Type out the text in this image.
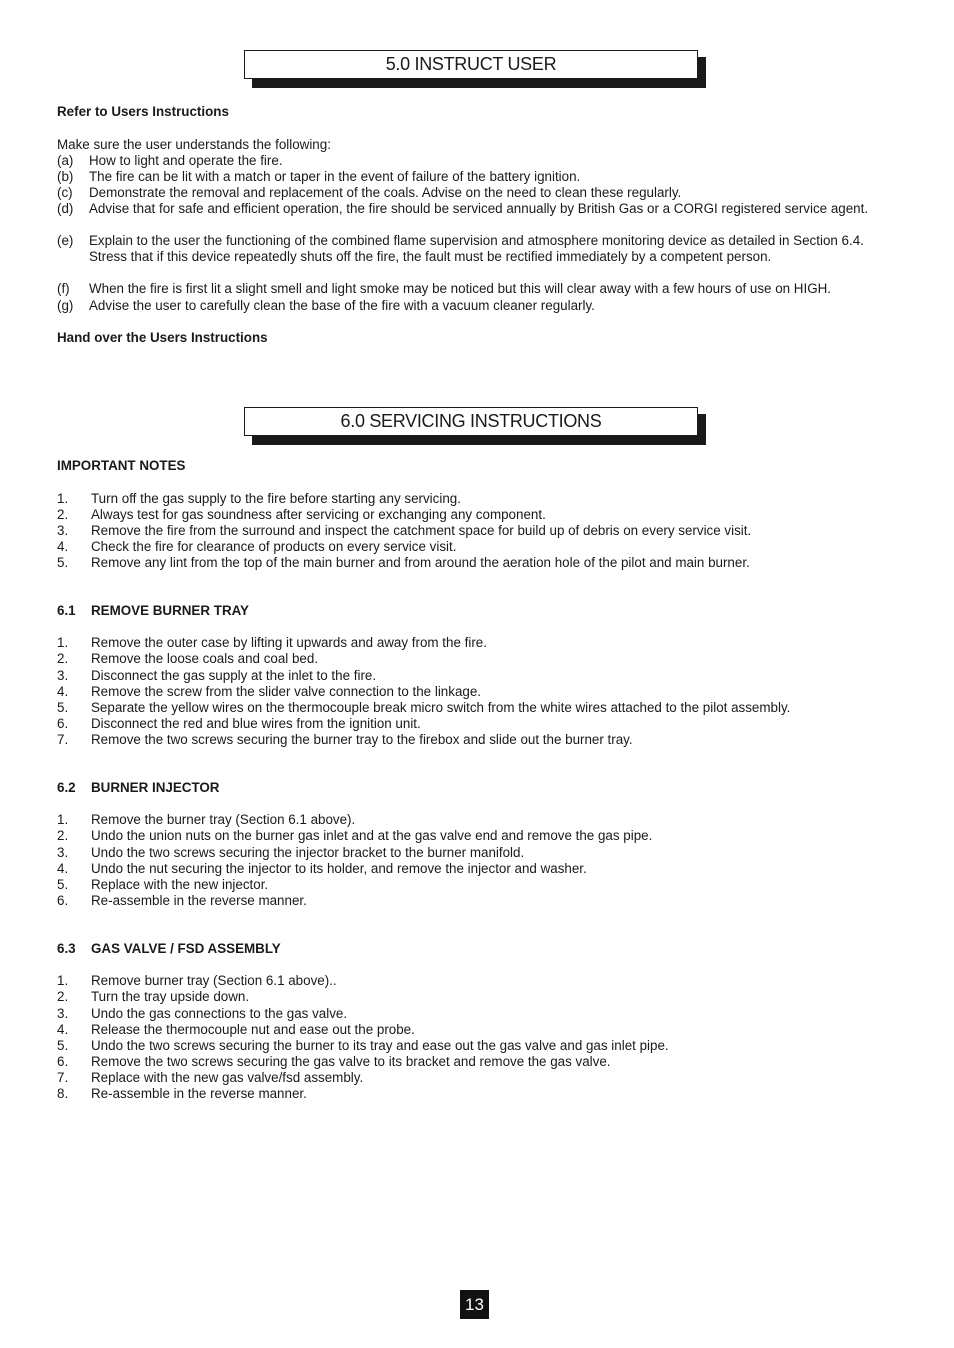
5.0 INSTRUCT USER
Refer to Users Instructions
Make sure the user understands the following:
(a) How to light and operate the fire.
(b) The fire can be lit with a match or taper in the event of failure of the battery ignition.
(c) Demonstrate the removal and replacement of the coals. Advise on the need to clean these regularly.
(d) Advise that for safe and efficient operation, the fire should be serviced annually by British Gas or a CORGI registered service agent.
(e) Explain to the user the functioning of the combined flame supervision and atmosphere monitoring device as detailed in Section 6.4. Stress that if this device repeatedly shuts off the fire, the fault must be rectified immediately by a competent person.
(f) When the fire is first lit a slight smell and light smoke may be noticed but this will clear away with a few hours of use on HIGH.
(g) Advise the user to carefully clean the base of the fire with a vacuum cleaner regularly.
Hand over the Users Instructions
6.0 SERVICING INSTRUCTIONS
IMPORTANT NOTES
1. Turn off the gas supply to the fire before starting any servicing.
2. Always test for gas soundness after servicing or exchanging any component.
3. Remove the fire from the surround and inspect the catchment space for build up of debris on every service visit.
4. Check the fire for clearance of products on every service visit.
5. Remove any lint from the top of the main burner and from around the aeration hole of the pilot and main burner.
6.1 REMOVE BURNER TRAY
1. Remove the outer case by lifting it upwards and away from the fire.
2. Remove the loose coals and coal bed.
3. Disconnect the gas supply at the inlet to the fire.
4. Remove the screw from the slider valve connection to the linkage.
5. Separate the yellow wires on the thermocouple break micro switch from the white wires attached to the pilot assembly.
6. Disconnect the red and blue wires from the ignition unit.
7. Remove the two screws securing the burner tray to the firebox and slide out the burner tray.
6.2 BURNER INJECTOR
1. Remove the burner tray (Section 6.1 above).
2. Undo the union nuts on the burner gas inlet and at the gas valve end and remove the gas pipe.
3. Undo the two screws securing the injector bracket to the burner manifold.
4. Undo the nut securing the injector to its holder, and remove the injector and washer.
5. Replace with the new injector.
6. Re-assemble in the reverse manner.
6.3 GAS VALVE / FSD ASSEMBLY
1. Remove burner tray (Section 6.1 above)..
2. Turn the tray upside down.
3. Undo the gas connections to the gas valve.
4. Release the thermocouple nut and ease out the probe.
5. Undo the two screws securing the burner to its tray and ease out the gas valve and gas inlet pipe.
6. Remove the two screws securing the gas valve to its bracket and remove the gas valve.
7. Replace with the new gas valve/fsd assembly.
8. Re-assemble in the reverse manner.
13
